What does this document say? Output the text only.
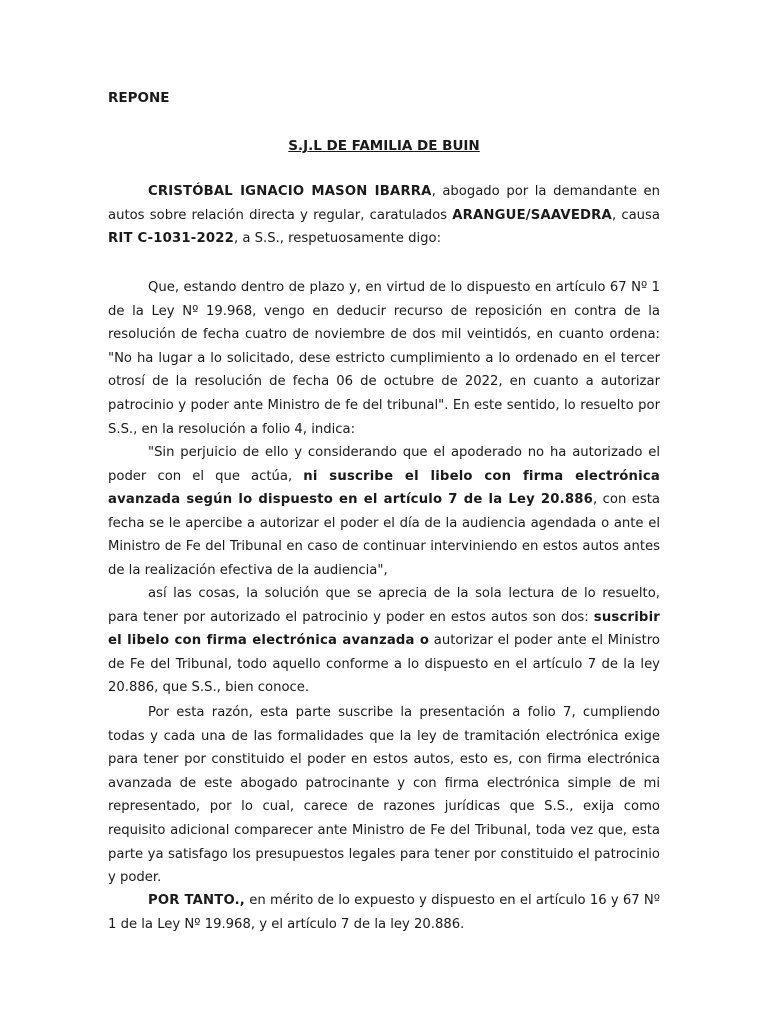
REPONE

S.J.L DE FAMILIA DE BUIN

CRISTÓBAL IGNACIO MASON IBARRA, abogado por la demandante en autos sobre relación directa y regular, caratulados ARANGUE/SAAVEDRA, causa RIT C-1031-2022, a S.S., respetuosamente digo:

Que, estando dentro de plazo y, en virtud de lo dispuesto en artículo 67 Nº 1 de la Ley Nº 19.968, vengo en deducir recurso de reposición en contra de la resolución de fecha cuatro de noviembre de dos mil veintidós, en cuanto ordena: "No ha lugar a lo solicitado, dese estricto cumplimiento a lo ordenado en el tercer otrosí de la resolución de fecha 06 de octubre de 2022, en cuanto a autorizar patrocinio y poder ante Ministro de fe del tribunal". En este sentido, lo resuelto por S.S., en la resolución a folio 4, indica:

"Sin perjuicio de ello y considerando que el apoderado no ha autorizado el poder con el que actúa, ni suscribe el libelo con firma electrónica avanzada según lo dispuesto en el artículo 7 de la Ley 20.886, con esta fecha se le apercibe a autorizar el poder el día de la audiencia agendada o ante el Ministro de Fe del Tribunal en caso de continuar interviniendo en estos autos antes de la realización efectiva de la audiencia",

así las cosas, la solución que se aprecia de la sola lectura de lo resuelto, para tener por autorizado el patrocinio y poder en estos autos son dos: suscribir el libelo con firma electrónica avanzada o autorizar el poder ante el Ministro de Fe del Tribunal, todo aquello conforme a lo dispuesto en el artículo 7 de la ley 20.886, que S.S., bien conoce.

Por esta razón, esta parte suscribe la presentación a folio 7, cumpliendo todas y cada una de las formalidades que la ley de tramitación electrónica exige para tener por constituido el poder en estos autos, esto es, con firma electrónica avanzada de este abogado patrocinante y con firma electrónica simple de mi representado, por lo cual, carece de razones jurídicas que S.S., exija como requisito adicional comparecer ante Ministro de Fe del Tribunal, toda vez que, esta parte ya satisfago los presupuestos legales para tener por constituido el patrocinio y poder.

POR TANTO., en mérito de lo expuesto y dispuesto en el artículo 16 y 67 Nº 1 de la Ley Nº 19.968, y el artículo 7 de la ley 20.886.
